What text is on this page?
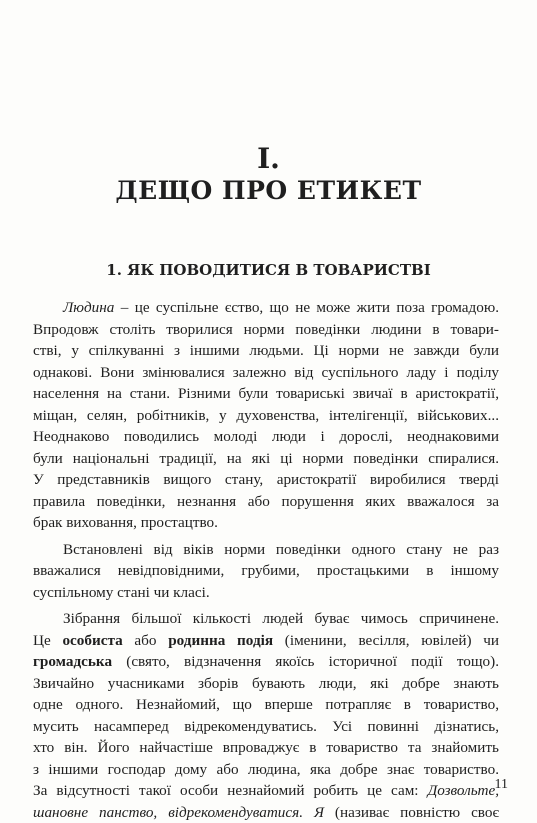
I.
ДЕЩО ПРО ЕТИКЕТ
1. ЯК ПОВОДИТИСЯ В ТОВАРИСТВІ
Людина – це суспільне єство, що не може жити поза громадою.
Впродовж століть творилися норми поведінки людини в товари-
стві, у спілкуванні з іншими людьми. Ці норми не завжди були
однакові. Вони змінювалися залежно від суспільного ладу і поділу
населення на стани. Різними були товариські звичаї в аристократії,
міщан, селян, робітників, у духовенства, інтелігенції, військових...
Неоднаково поводились молоді люди і дорослі, неоднаковими
були національні традиції, на які ці норми поведінки спиралися.
У представників вищого стану, аристократії виробилися тверді
правила поведінки, незнання або порушення яких вважалося за
брак виховання, простацтво.
Встановлені від віків норми поведінки одного стану не раз
вважалися невідповідними, грубими, простацькими в іншому
суспільному стані чи класі.
Зібрання більшої кількості людей буває чимось спричинене.
Це особиста або родинна подія (іменини, весілля, ювілей) чи
громадська (свято, відзначення якоїсь історичної події тощо).
Звичайно учасниками зборів бувають люди, які добре знають
одне одного. Незнайомий, що вперше потрапляє в товариство,
мусить насамперед відрекомендуватись. Усі повинні дізнатись,
хто він. Його найчастіше впроваджує в товариство та знайомить
з іншими господар дому або людина, яка добре знає товариство.
За відсутності такої особи незнайомий робить це сам: Дозвольте,
шановне панство, відрекомендуватися. Я (називає повністю своє
11
